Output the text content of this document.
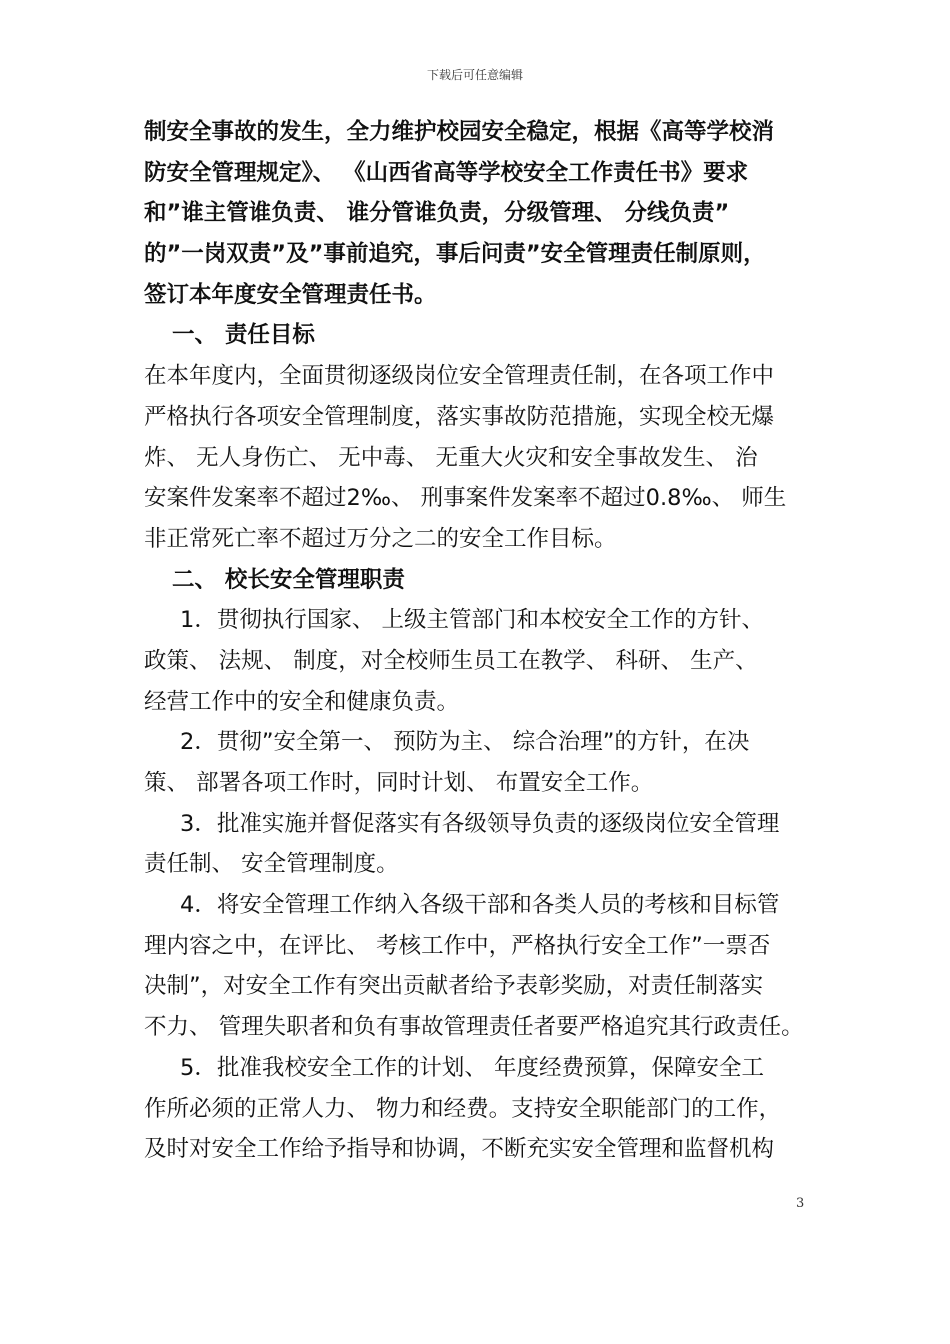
下载后可任意编辑
制安全事故的发生，全力维护校园安全稳定，根据《高等学校消
防安全管理规定》、 《山西省高等学校安全工作责任书》要求
和”谁主管谁负责、 谁分管谁负责，分级管理、 分线负责”
的”一岗双责”及”事前追究，事后问责”安全管理责任制原则，
签订本年度安全管理责任书。
一、 责任目标
在本年度内，全面贯彻逐级岗位安全管理责任制，在各项工作中
严格执行各项安全管理制度，落实事故防范措施，实现全校无爆
炸、 无人身伤亡、 无中毒、 无重大火灾和安全事故发生、 治
安案件发案率不超过2‰、 刑事案件发案率不超过0.8‰、 师生
非正常死亡率不超过万分之二的安全工作目标。
二、 校长安全管理职责
1．贯彻执行国家、 上级主管部门和本校安全工作的方针、
政策、 法规、 制度，对全校师生员工在教学、 科研、 生产、
经营工作中的安全和健康负责。
2．贯彻”安全第一、 预防为主、 综合治理”的方针，在决
策、 部署各项工作时，同时计划、 布置安全工作。
3．批准实施并督促落实有各级领导负责的逐级岗位安全管理
责任制、 安全管理制度。
4．将安全管理工作纳入各级干部和各类人员的考核和目标管
理内容之中，在评比、 考核工作中，严格执行安全工作”一票否
决制”，对安全工作有突出贡献者给予表彰奖励，对责任制落实
不力、 管理失职者和负有事故管理责任者要严格追究其行政责任。
5．批准我校安全工作的计划、 年度经费预算，保障安全工
作所必须的正常人力、 物力和经费。支持安全职能部门的工作，
及时对安全工作给予指导和协调，不断充实安全管理和监督机构
3
